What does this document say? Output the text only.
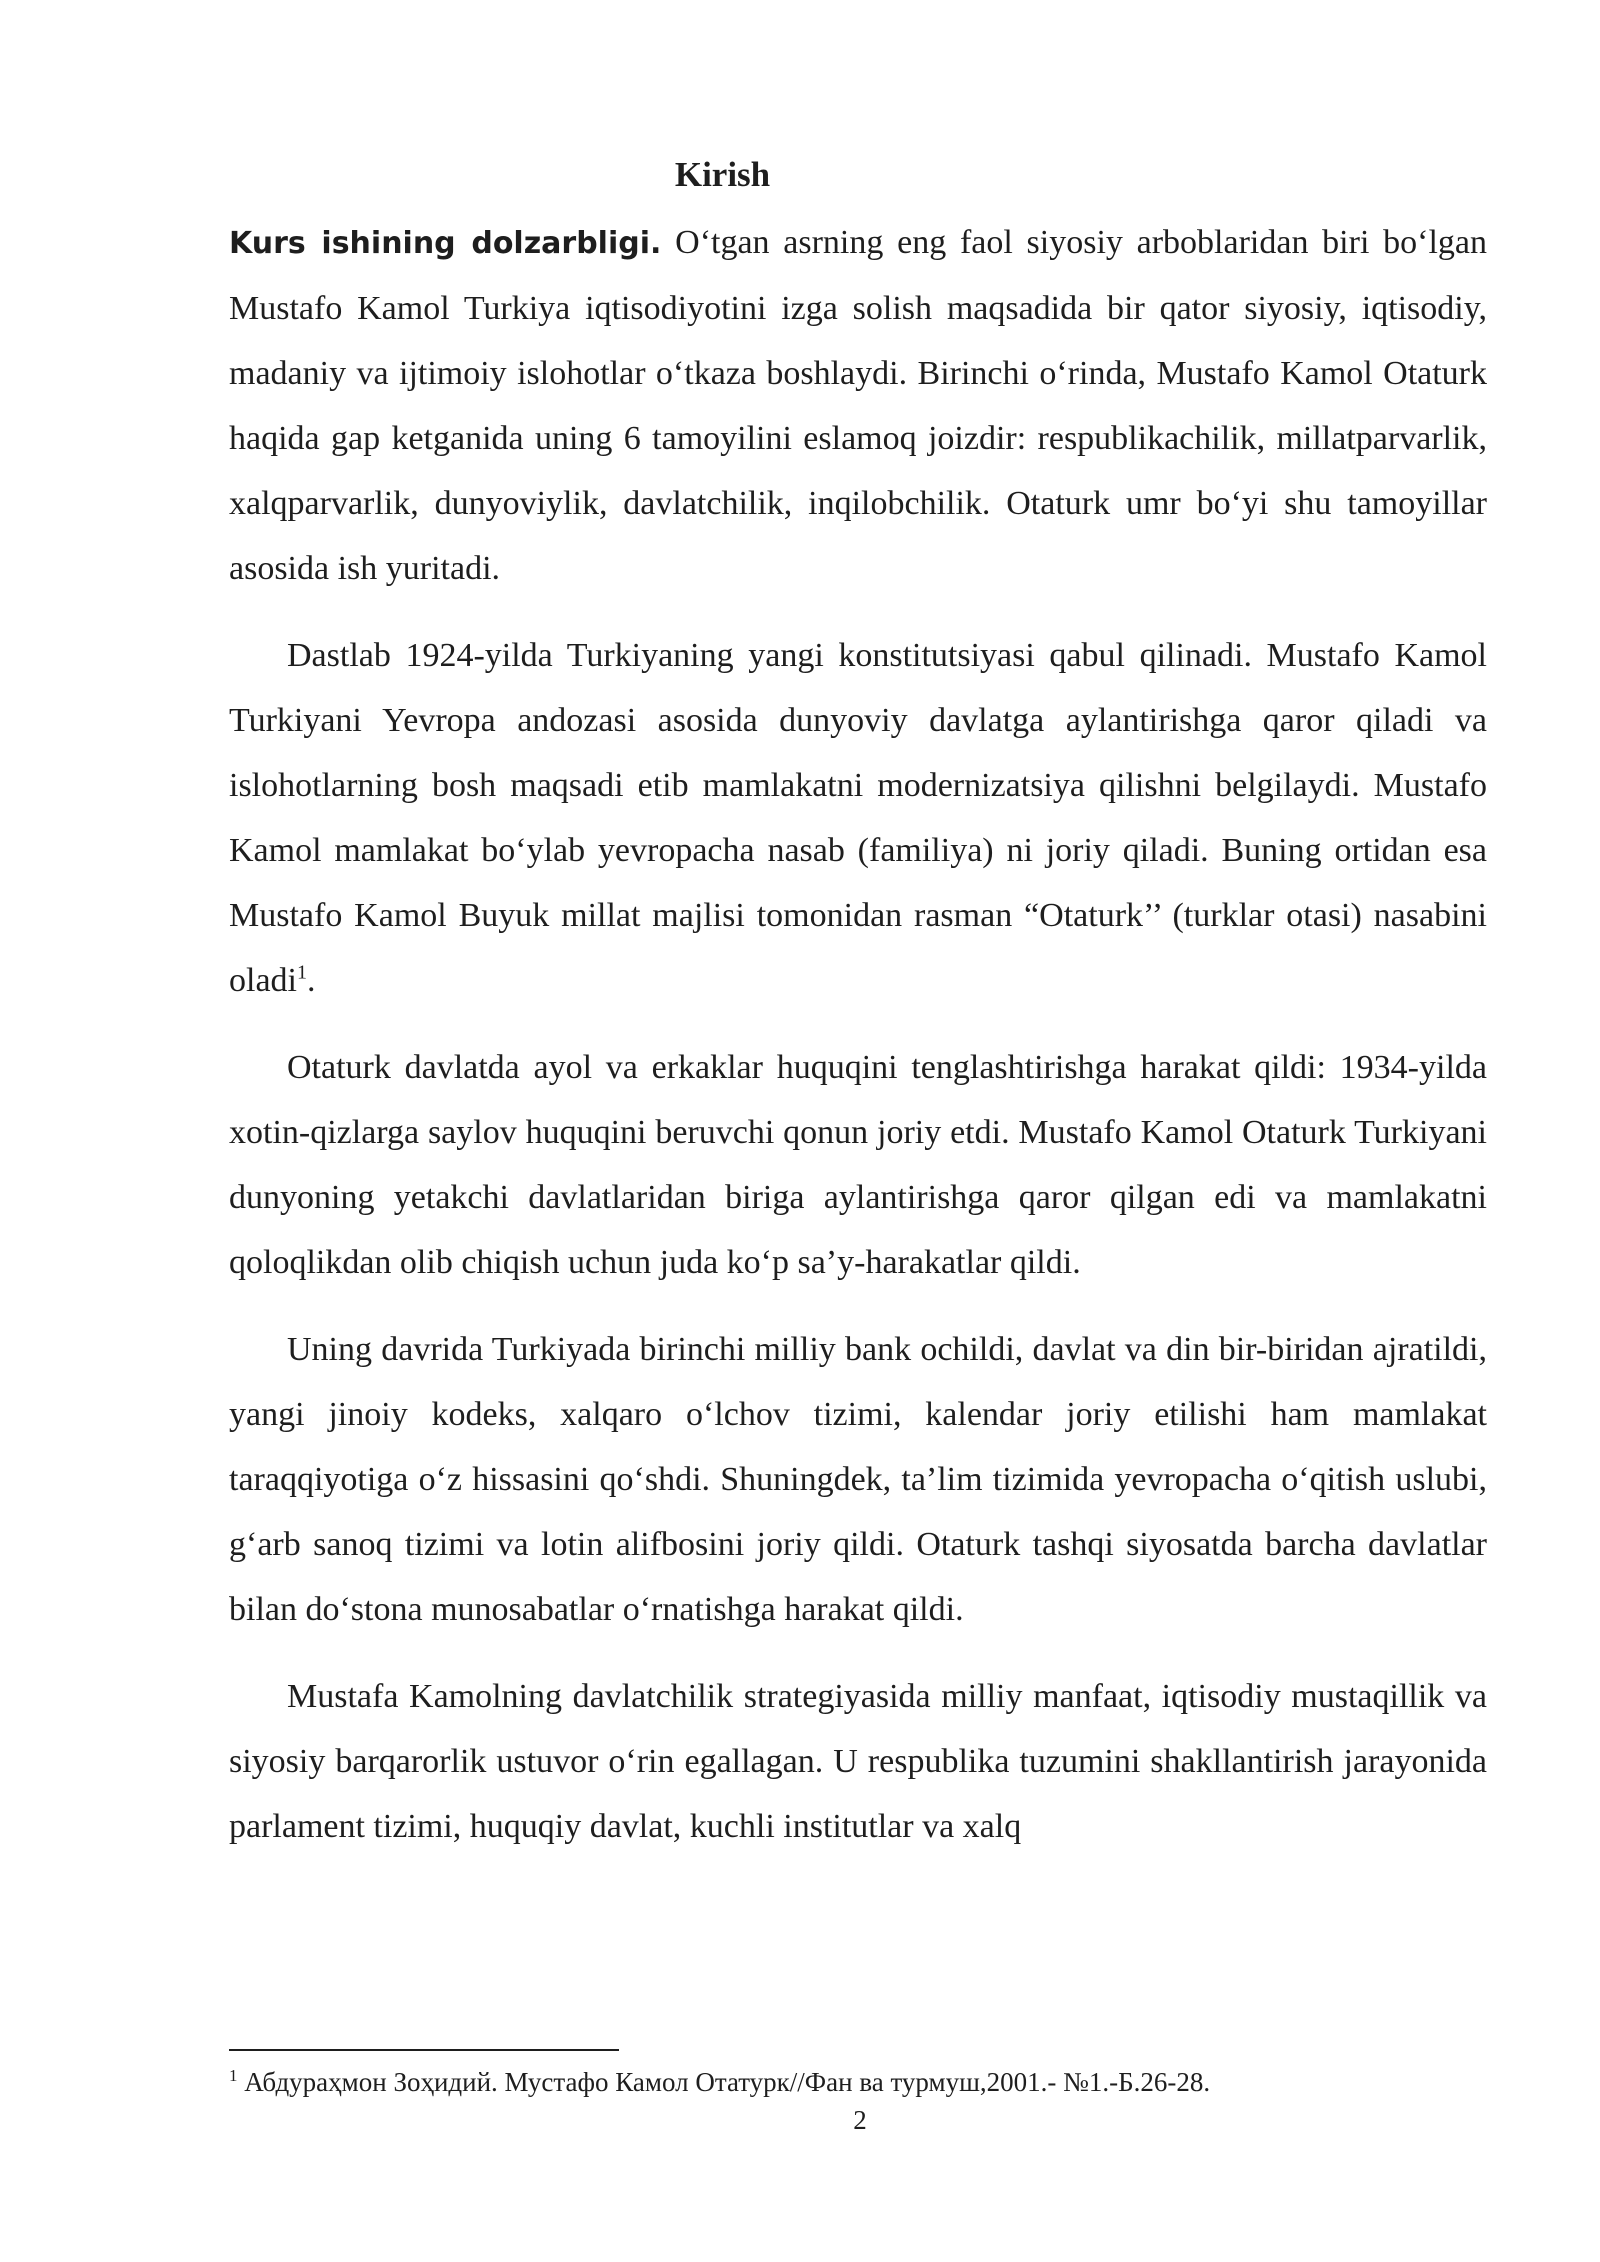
Kirish

Kurs ishining dolzarbligi. O‘tgan asrning eng faol siyosiy arboblaridan biri bo‘lgan Mustafo Kamol Turkiya iqtisodiyotini izga solish maqsadida bir qator siyosiy, iqtisodiy, madaniy va ijtimoiy islohotlar o‘tkaza boshlaydi. Birinchi o‘rinda, Mustafo Kamol Otaturk haqida gap ketganida uning 6 tamoyilini eslamoq joizdir: respublikachilik, millatparvarlik, xalqparvarlik, dunyoviylik, davlatchilik, inqilobchilik. Otaturk umr bo‘yi shu tamoyillar asosida ish yuritadi.

Dastlab 1924-yilda Turkiyaning yangi konstitutsiyasi qabul qilinadi. Mustafo Kamol Turkiyani Yevropa andozasi asosida dunyoviy davlatga aylantirishga qaror qiladi va islohotlarning bosh maqsadi etib mamlakatni modernizatsiya qilishni belgilaydi. Mustafo Kamol mamlakat bo‘ylab yevropacha nasab (familiya) ni joriy qiladi. Buning ortidan esa Mustafo Kamol Buyuk millat majlisi tomonidan rasman “Otaturk’’ (turklar otasi) nasabini oladi$^1$.

Otaturk davlatda ayol va erkaklar huquqini tenglashtirishga harakat qildi: 1934-yilda xotin-qizlarga saylov huquqini beruvchi qonun joriy etdi. Mustafo Kamol Otaturk Turkiyani dunyoning yetakchi davlatlaridan biriga aylantirishga qaror qilgan edi va mamlakatni qoloqlikdan olib chiqish uchun juda ko‘p sa’y-harakatlar qildi.

Uning davrida Turkiyada birinchi milliy bank ochildi, davlat va din bir-biridan ajratildi, yangi jinoiy kodeks, xalqaro o‘lchov tizimi, kalendar joriy etilishi ham mamlakat taraqqiyotiga o‘z hissasini qo‘shdi. Shuningdek, ta’lim tizimida yevropacha o‘qitish uslubi, g‘arb sanoq tizimi va lotin alifbosini joriy qildi. Otaturk tashqi siyosatda barcha davlatlar bilan do‘stona munosabatlar o‘rnatishga harakat qildi.

Mustafa Kamolning davlatchilik strategiyasida milliy manfaat, iqtisodiy mustaqillik va siyosiy barqarorlik ustuvor o‘rin egallagan. U respublika tuzumini shakllantirish jarayonida parlament tizimi, huquqiy davlat, kuchli institutlar va xalq

$^1$ Абдураҳмон Зоҳидий. Мустафо Камол Отатурк//Фан ва турмуш,2001.- №1.-Б.26-28.
2
